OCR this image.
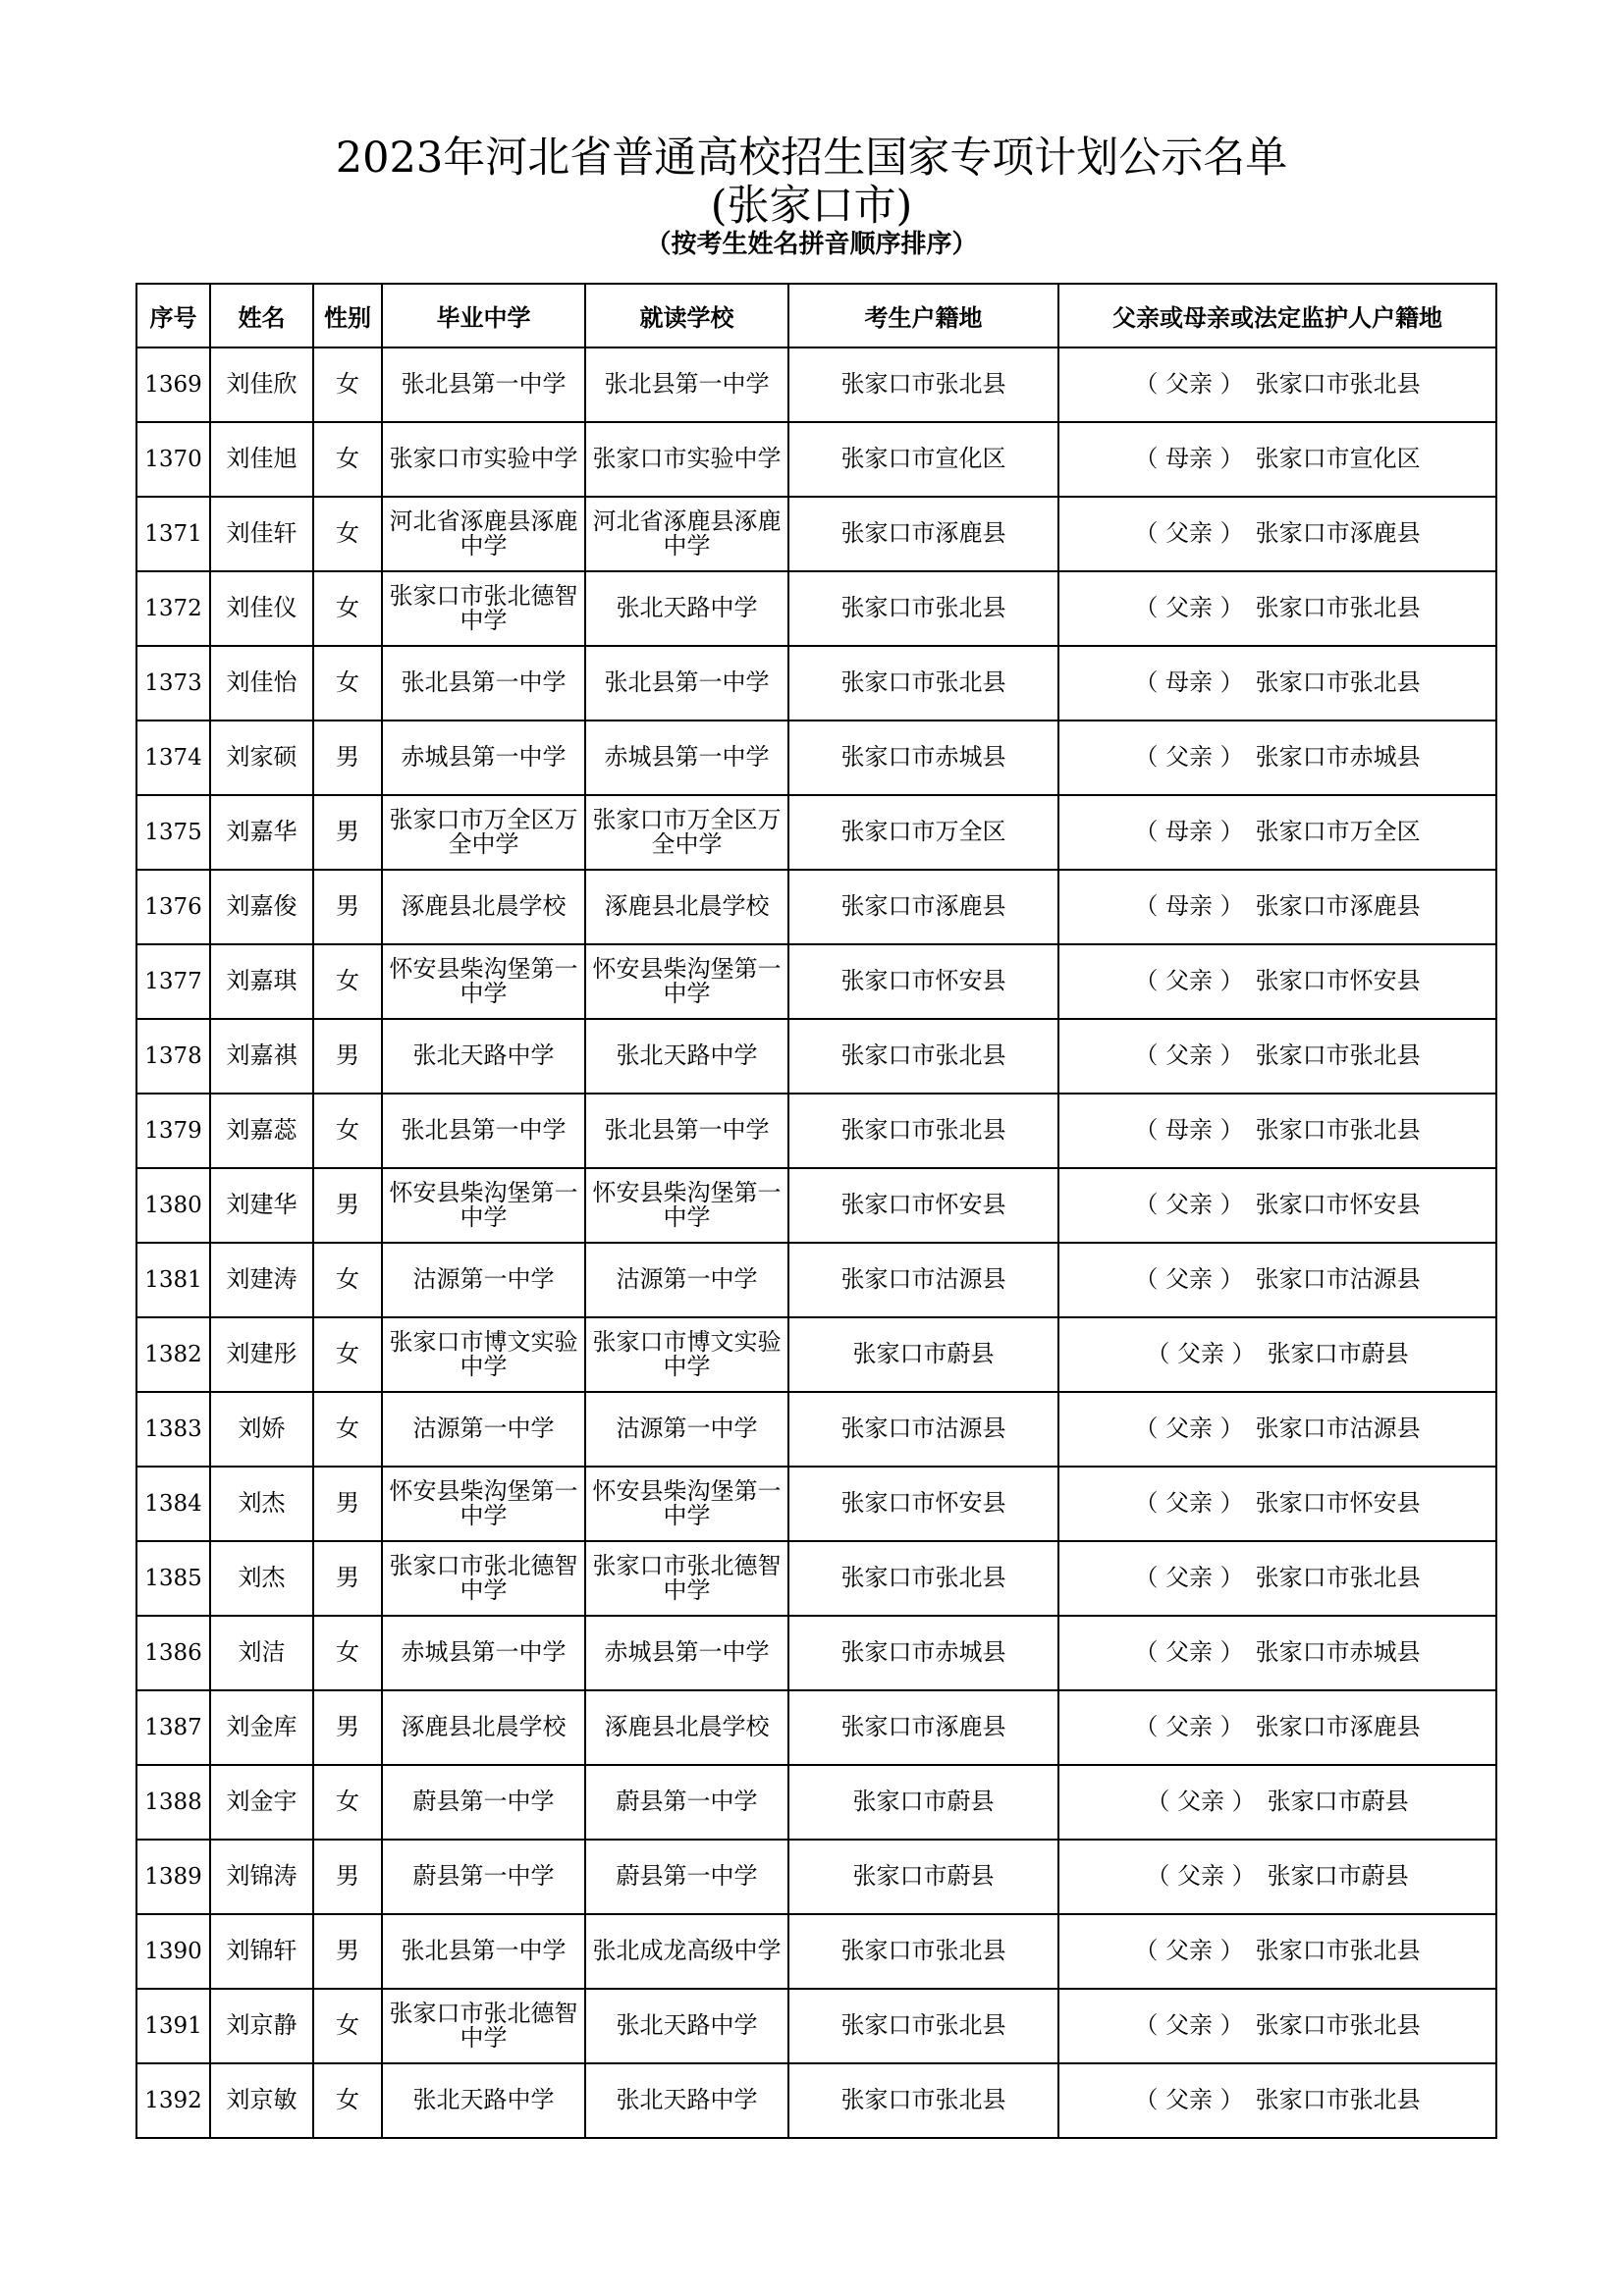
2023年河北省普通高校招生国家专项计划公示名单
(张家口市)
（按考生姓名拼音顺序排序）
序号	姓名	性别	毕业中学	就读学校	考生户籍地	父亲或母亲或法定监护人户籍地
1369	刘佳欣	女	张北县第一中学	张北县第一中学	张家口市张北县	（ 父亲 ） 张家口市张北县
1370	刘佳旭	女	张家口市实验中学	张家口市实验中学	张家口市宣化区	（ 母亲 ） 张家口市宣化区
1371	刘佳轩	女	河北省涿鹿县涿鹿中学	河北省涿鹿县涿鹿中学	张家口市涿鹿县	（ 父亲 ） 张家口市涿鹿县
1372	刘佳仪	女	张家口市张北德智中学	张北天路中学	张家口市张北县	（ 父亲 ） 张家口市张北县
1373	刘佳怡	女	张北县第一中学	张北县第一中学	张家口市张北县	（ 母亲 ） 张家口市张北县
1374	刘家硕	男	赤城县第一中学	赤城县第一中学	张家口市赤城县	（ 父亲 ） 张家口市赤城县
1375	刘嘉华	男	张家口市万全区万全中学	张家口市万全区万全中学	张家口市万全区	（ 母亲 ） 张家口市万全区
1376	刘嘉俊	男	涿鹿县北晨学校	涿鹿县北晨学校	张家口市涿鹿县	（ 母亲 ） 张家口市涿鹿县
1377	刘嘉琪	女	怀安县柴沟堡第一中学	怀安县柴沟堡第一中学	张家口市怀安县	（ 父亲 ） 张家口市怀安县
1378	刘嘉祺	男	张北天路中学	张北天路中学	张家口市张北县	（ 父亲 ） 张家口市张北县
1379	刘嘉蕊	女	张北县第一中学	张北县第一中学	张家口市张北县	（ 母亲 ） 张家口市张北县
1380	刘建华	男	怀安县柴沟堡第一中学	怀安县柴沟堡第一中学	张家口市怀安县	（ 父亲 ） 张家口市怀安县
1381	刘建涛	女	沽源第一中学	沽源第一中学	张家口市沽源县	（ 父亲 ） 张家口市沽源县
1382	刘建彤	女	张家口市博文实验中学	张家口市博文实验中学	张家口市蔚县	（ 父亲 ） 张家口市蔚县
1383	刘娇	女	沽源第一中学	沽源第一中学	张家口市沽源县	（ 父亲 ） 张家口市沽源县
1384	刘杰	男	怀安县柴沟堡第一中学	怀安县柴沟堡第一中学	张家口市怀安县	（ 父亲 ） 张家口市怀安县
1385	刘杰	男	张家口市张北德智中学	张家口市张北德智中学	张家口市张北县	（ 父亲 ） 张家口市张北县
1386	刘洁	女	赤城县第一中学	赤城县第一中学	张家口市赤城县	（ 父亲 ） 张家口市赤城县
1387	刘金库	男	涿鹿县北晨学校	涿鹿县北晨学校	张家口市涿鹿县	（ 父亲 ） 张家口市涿鹿县
1388	刘金宇	女	蔚县第一中学	蔚县第一中学	张家口市蔚县	（ 父亲 ） 张家口市蔚县
1389	刘锦涛	男	蔚县第一中学	蔚县第一中学	张家口市蔚县	（ 父亲 ） 张家口市蔚县
1390	刘锦轩	男	张北县第一中学	张北成龙高级中学	张家口市张北县	（ 父亲 ） 张家口市张北县
1391	刘京静	女	张家口市张北德智中学	张北天路中学	张家口市张北县	（ 父亲 ） 张家口市张北县
1392	刘京敏	女	张北天路中学	张北天路中学	张家口市张北县	（ 父亲 ） 张家口市张北县
